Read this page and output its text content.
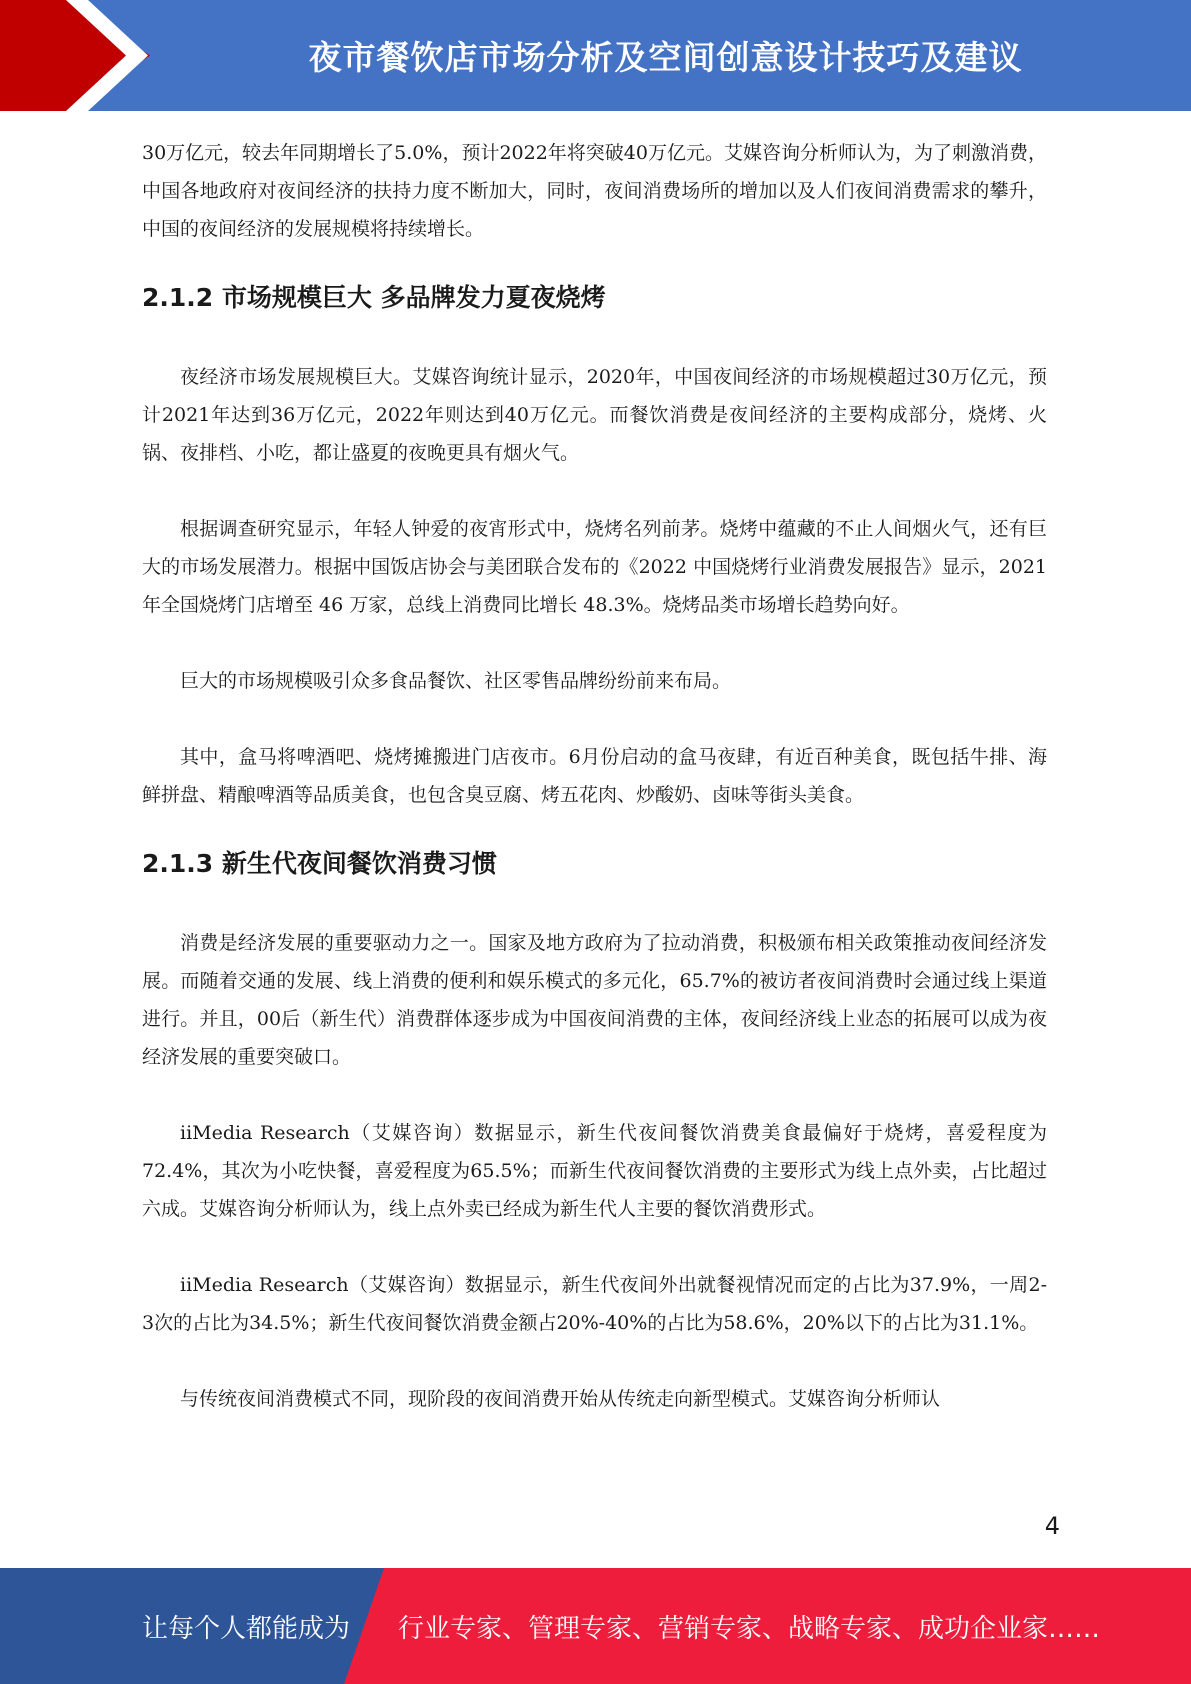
夜市餐饮店市场分析及空间创意设计技巧及建议

30万亿元，较去年同期增长了5.0%，预计2022年将突破40万亿元。艾媒咨询分析师认为，为了刺激消费，中国各地政府对夜间经济的扶持力度不断加大，同时，夜间消费场所的增加以及人们夜间消费需求的攀升，中国的夜间经济的发展规模将持续增长。

2.1.2 市场规模巨大 多品牌发力夏夜烧烤

夜经济市场发展规模巨大。艾媒咨询统计显示，2020年，中国夜间经济的市场规模超过30万亿元，预计2021年达到36万亿元，2022年则达到40万亿元。而餐饮消费是夜间经济的主要构成部分，烧烤、火锅、夜排档、小吃，都让盛夏的夜晚更具有烟火气。

根据调查研究显示，年轻人钟爱的夜宵形式中，烧烤名列前茅。烧烤中蕴藏的不止人间烟火气，还有巨大的市场发展潜力。根据中国饭店协会与美团联合发布的《2022 中国烧烤行业消费发展报告》显示，2021 年全国烧烤门店增至 46 万家，总线上消费同比增长 48.3%。烧烤品类市场增长趋势向好。

巨大的市场规模吸引众多食品餐饮、社区零售品牌纷纷前来布局。

其中，盒马将啤酒吧、烧烤摊搬进门店夜市。6月份启动的盒马夜肆，有近百种美食，既包括牛排、海鲜拼盘、精酿啤酒等品质美食，也包含臭豆腐、烤五花肉、炒酸奶、卤味等街头美食。

2.1.3 新生代夜间餐饮消费习惯

消费是经济发展的重要驱动力之一。国家及地方政府为了拉动消费，积极颁布相关政策推动夜间经济发展。而随着交通的发展、线上消费的便利和娱乐模式的多元化，65.7%的被访者夜间消费时会通过线上渠道进行。并且，00后（新生代）消费群体逐步成为中国夜间消费的主体，夜间经济线上业态的拓展可以成为夜经济发展的重要突破口。

iiMedia Research（艾媒咨询）数据显示，新生代夜间餐饮消费美食最偏好于烧烤，喜爱程度为72.4%，其次为小吃快餐，喜爱程度为65.5%；而新生代夜间餐饮消费的主要形式为线上点外卖，占比超过六成。艾媒咨询分析师认为，线上点外卖已经成为新生代人主要的餐饮消费形式。

iiMedia Research（艾媒咨询）数据显示，新生代夜间外出就餐视情况而定的占比为37.9%，一周2-3次的占比为34.5%；新生代夜间餐饮消费金额占20%-40%的占比为58.6%，20%以下的占比为31.1%。

与传统夜间消费模式不同，现阶段的夜间消费开始从传统走向新型模式。艾媒咨询分析师认

4
让每个人都能成为 行业专家、管理专家、营销专家、战略专家、成功企业家……
